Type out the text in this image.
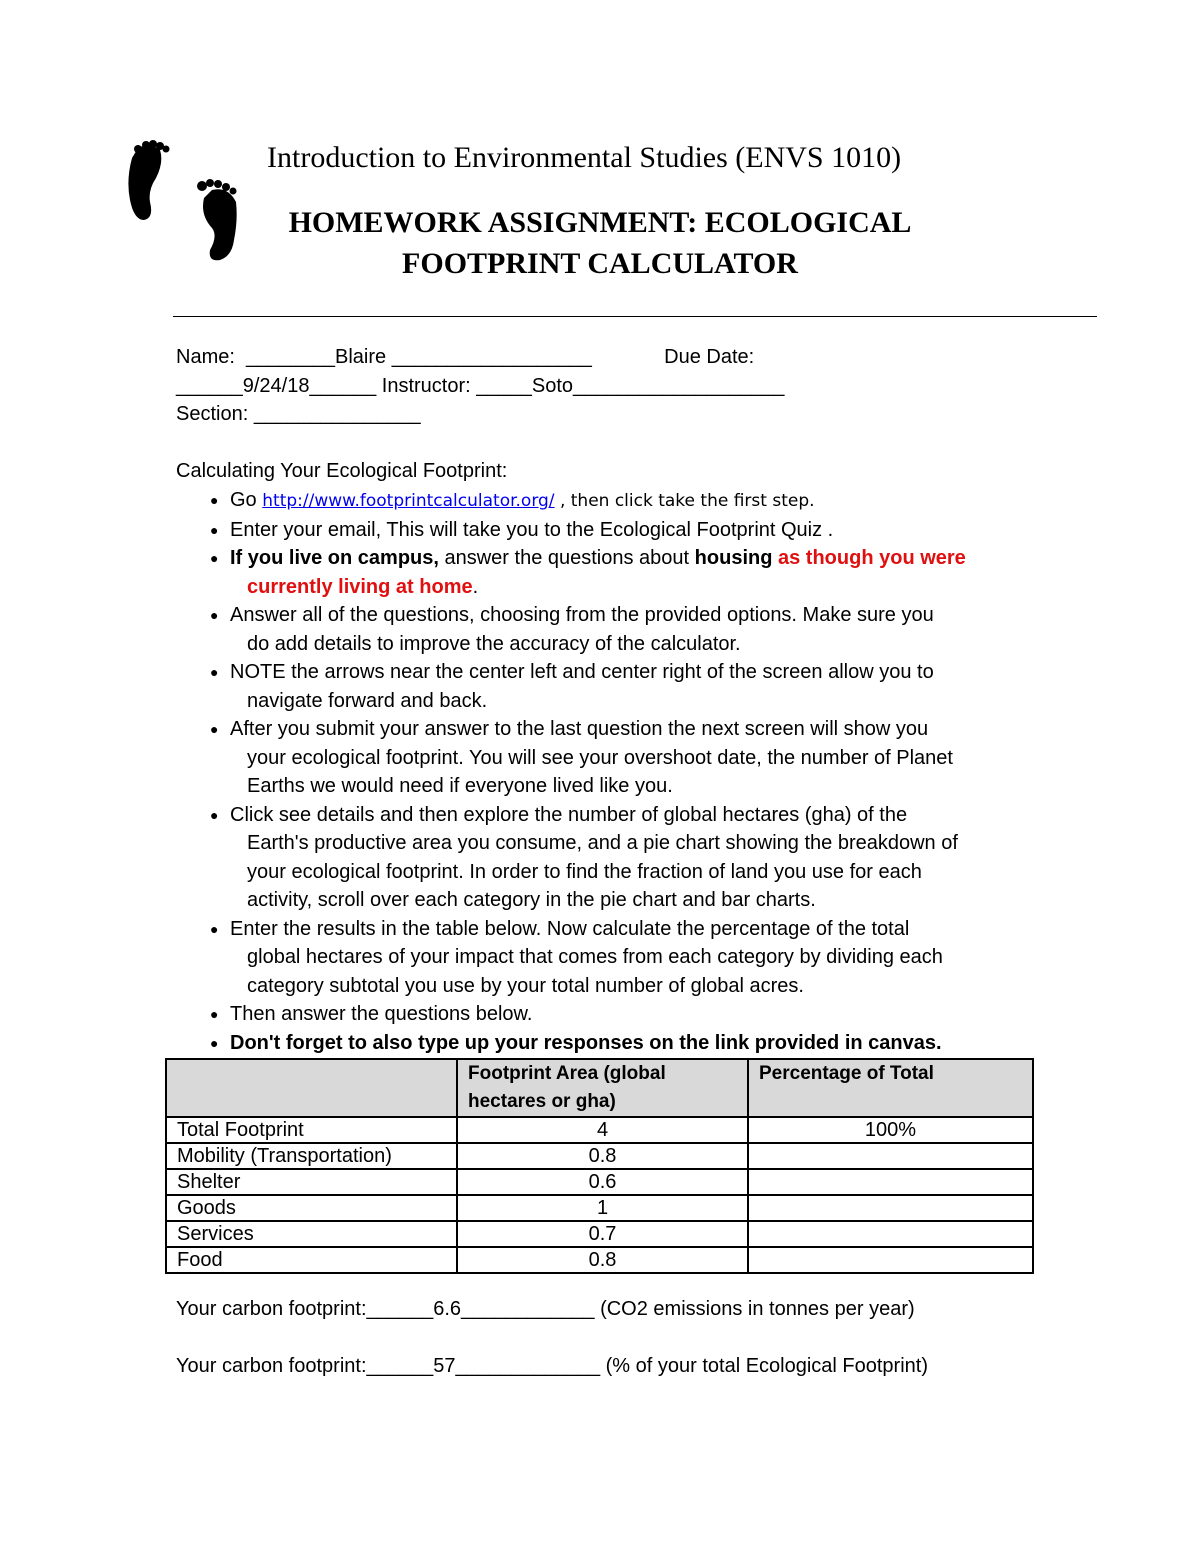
Introduction to Environmental Studies (ENVS 1010)
HOMEWORK ASSIGNMENT: ECOLOGICAL
FOOTPRINT CALCULATOR
Name:  ________Blaire __________________             Due Date:
______9/24/18______ Instructor: _____Soto___________________
Section: _______________
Calculating Your Ecological Footprint:
● Go http://www.footprintcalculator.org/ , then click take the first step.
● Enter your email, This will take you to the Ecological Footprint Quiz .
● If you live on campus, answer the questions about housing as though you were
currently living at home.
● Answer all of the questions, choosing from the provided options. Make sure you
do add details to improve the accuracy of the calculator.
● NOTE the arrows near the center left and center right of the screen allow you to
navigate forward and back.
● After you submit your answer to the last question the next screen will show you
your ecological footprint. You will see your overshoot date, the number of Planet
Earths we would need if everyone lived like you.
● Click see details and then explore the number of global hectares (gha) of the
Earth's productive area you consume, and a pie chart showing the breakdown of
your ecological footprint. In order to find the fraction of land you use for each
activity, scroll over each category in the pie chart and bar charts.
● Enter the results in the table below. Now calculate the percentage of the total
global hectares of your impact that comes from each category by dividing each
category subtotal you use by your total number of global acres.
● Then answer the questions below.
● Don't forget to also type up your responses on the link provided in canvas.
	Footprint Area (global hectares or gha)	Percentage of Total
Total Footprint	4	100%
Mobility (Transportation)	0.8	
Shelter	0.6	
Goods	1	
Services	0.7	
Food	0.8	
Your carbon footprint:______6.6____________ (CO2 emissions in tonnes per year)
Your carbon footprint:______57_____________ (% of your total Ecological Footprint)
